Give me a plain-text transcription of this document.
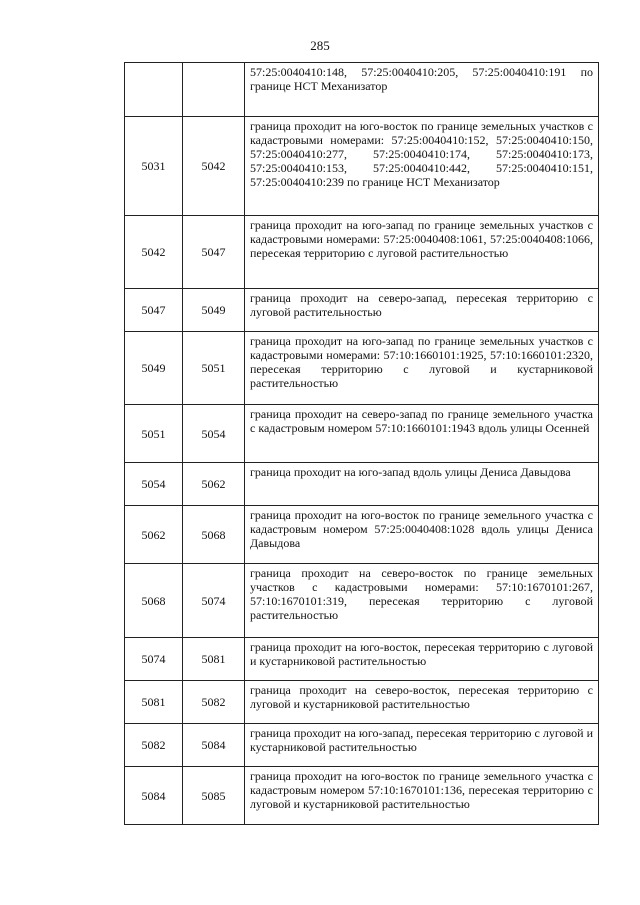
285
		57:25:0040410:148, 57:25:0040410:205, 57:25:0040410:191 по границе НСТ Механизатор
5031	5042	граница проходит на юго-восток по границе земельных участков с кадастровыми номерами: 57:25:0040410:152, 57:25:0040410:150, 57:25:0040410:277, 57:25:0040410:174, 57:25:0040410:173, 57:25:0040410:153, 57:25:0040410:442, 57:25:0040410:151, 57:25:0040410:239 по границе НСТ Механизатор
5042	5047	граница проходит на юго-запад по границе земельных участков с кадастровыми номерами: 57:25:0040408:1061, 57:25:0040408:1066, пересекая территорию с луговой растительностью
5047	5049	граница проходит на северо-запад, пересекая территорию с луговой растительностью
5049	5051	граница проходит на юго-запад по границе земельных участков с кадастровыми номерами: 57:10:1660101:1925, 57:10:1660101:2320, пересекая территорию с луговой и кустарниковой растительностью
5051	5054	граница проходит на северо-запад по границе земельного участка с кадастровым номером 57:10:1660101:1943 вдоль улицы Осенней
5054	5062	граница проходит на юго-запад вдоль улицы Дениса Давыдова
5062	5068	граница проходит на юго-восток по границе земельного участка с кадастровым номером 57:25:0040408:1028 вдоль улицы Дениса Давыдова
5068	5074	граница проходит на северо-восток по границе земельных участков с кадастровыми номерами: 57:10:1670101:267, 57:10:1670101:319, пересекая территорию с луговой растительностью
5074	5081	граница проходит на юго-восток, пересекая территорию с луговой и кустарниковой растительностью
5081	5082	граница проходит на северо-восток, пересекая территорию с луговой и кустарниковой растительностью
5082	5084	граница проходит на юго-запад, пересекая территорию с луговой и кустарниковой растительностью
5084	5085	граница проходит на юго-восток по границе земельного участка с кадастровым номером 57:10:1670101:136, пересекая территорию с луговой и кустарниковой растительностью
